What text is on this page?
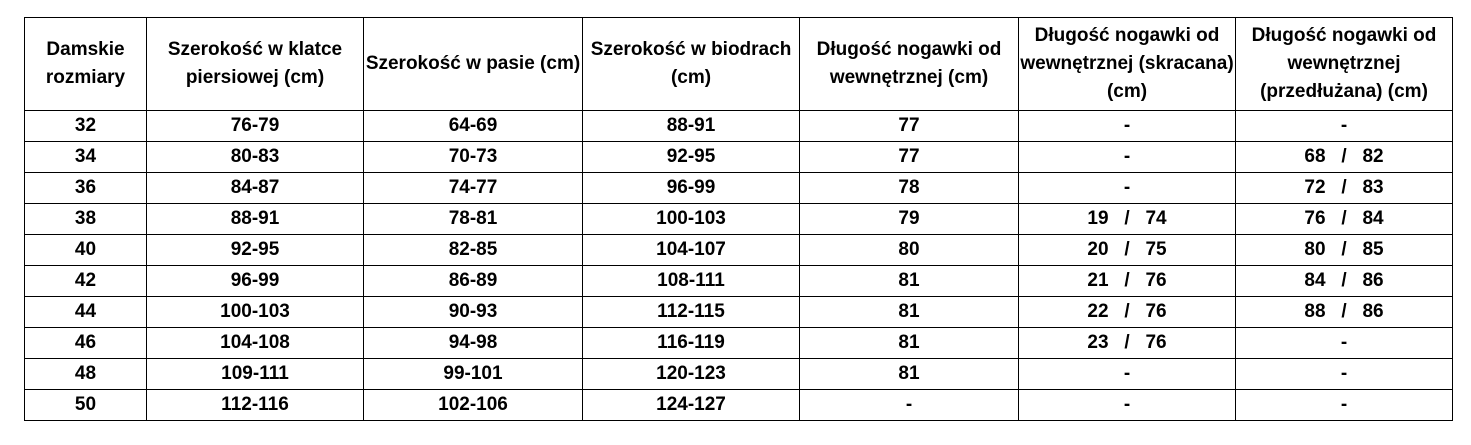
Damskie rozmiary	Szerokość w klatce piersiowej (cm)	Szerokość w pasie (cm)	Szerokość w biodrach (cm)	Długość nogawki od wewnętrznej (cm)	Długość nogawki od wewnętrznej (skracana) (cm)	Długość nogawki od wewnętrznej (przedłużana) (cm)
32	76-79	64-69	88-91	77	-	-
34	80-83	70-73	92-95	77	-	68   /   82
36	84-87	74-77	96-99	78	-	72   /   83
38	88-91	78-81	100-103	79	19   /   74	76   /   84
40	92-95	82-85	104-107	80	20   /   75	80   /   85
42	96-99	86-89	108-111	81	21   /   76	84   /   86
44	100-103	90-93	112-115	81	22   /   76	88   /   86
46	104-108	94-98	116-119	81	23   /   76	-
48	109-111	99-101	120-123	81	-	-
50	112-116	102-106	124-127	-	-	-
